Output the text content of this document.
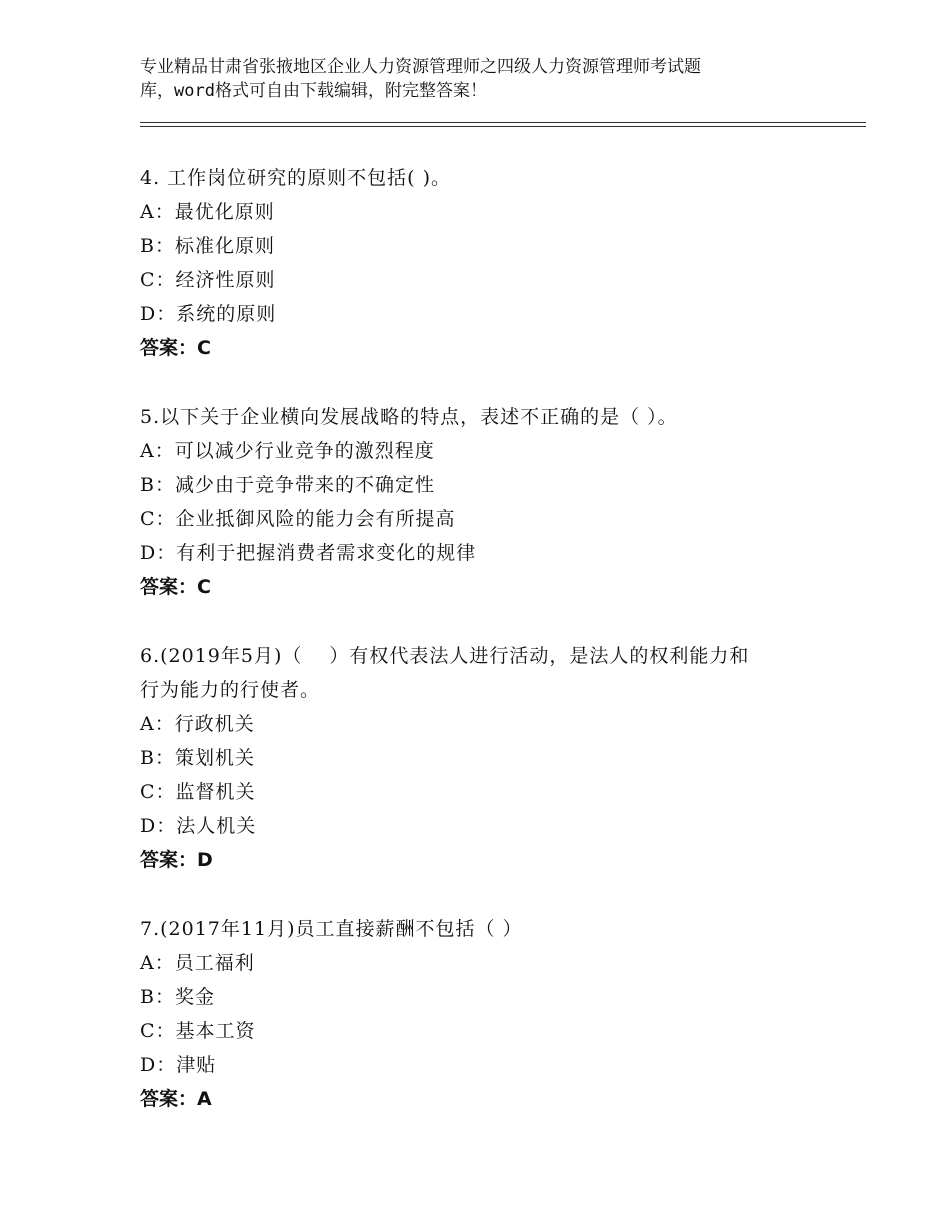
专业精品甘肃省张掖地区企业人力资源管理师之四级人力资源管理师考试题

库，word格式可自由下载编辑，附完整答案！

4. 工作岗位研究的原则不包括( )。

A：最优化原则

B：标准化原则

C：经济性原则

D：系统的原则

答案：C

5.以下关于企业横向发展战略的特点，表述不正确的是（ ）。

A：可以减少行业竞争的激烈程度

B：减少由于竞争带来的不确定性

C：企业抵御风险的能力会有所提高

D：有利于把握消费者需求变化的规律

答案：C

6.(2019年5月)（　 ）有权代表法人进行活动，是法人的权利能力和

行为能力的行使者。

A：行政机关

B：策划机关

C：监督机关

D：法人机关

答案：D

7.(2017年11月)员工直接薪酬不包括（ ）

A：员工福利

B：奖金

C：基本工资

D：津贴

答案：A
